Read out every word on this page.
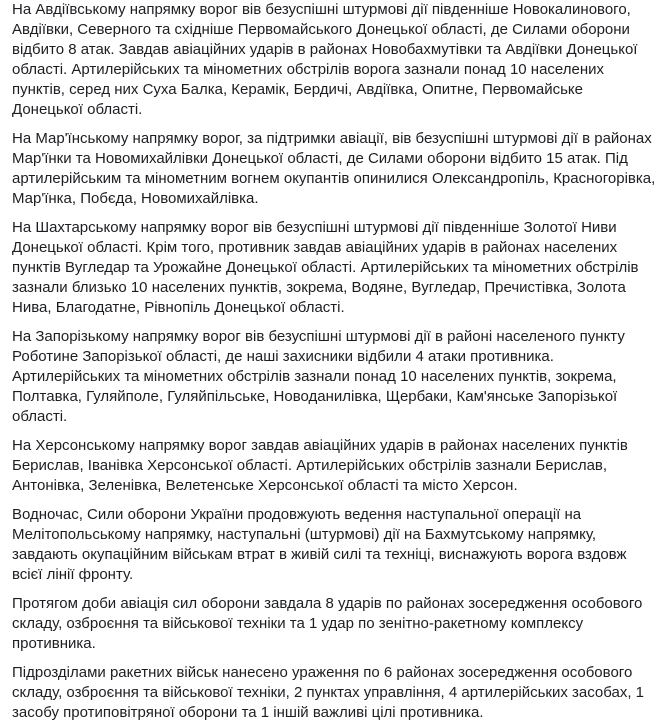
На Авдіївському напрямку ворог вів безуспішні штурмові дії південніше Новокалинового, Авдіївки, Северного та східніше Первомайського Донецької області, де Силами оборони відбито 8 атак. Завдав авіаційних ударів в районах Новобахмутівки та Авдіївки Донецької області. Артилерійських та мінометних обстрілів ворога зазнали понад 10 населених пунктів, серед них Суха Балка, Керамік, Бердичі, Авдіївка, Опитне, Первомайське Донецької області.

На Мар'їнському напрямку ворог, за підтримки авіації, вів безуспішні штурмові дії в районах Мар'їнки та Новомихайлівки Донецької області, де Силами оборони відбито 15 атак. Під артилерійським та мінометним вогнем окупантів опинилися Олександропіль, Красногорівка, Мар'їнка, Побєда, Новомихайлівка.

На Шахтарському напрямку ворог вів безуспішні штурмові дії південніше Золотої Ниви Донецької області. Крім того, противник завдав авіаційних ударів в районах населених пунктів Вугледар та Урожайне Донецької області. Артилерійських та мінометних обстрілів зазнали близько 10 населених пунктів, зокрема, Водяне, Вугледар, Пречистівка, Золота Нива, Благодатне, Рівнопіль Донецької області.

На Запорізькому напрямку ворог вів безуспішні штурмові дії в районі населеного пункту Роботине Запорізької області, де наші захисники відбили 4 атаки противника. Артилерійських та мінометних обстрілів зазнали понад 10 населених пунктів, зокрема, Полтавка, Гуляйполе, Гуляйпільське, Новоданилівка, Щербаки, Кам'янське Запорізької області.

На Херсонському напрямку ворог завдав авіаційних ударів в районах населених пунктів Берислав, Іванівка Херсонської області. Артилерійських обстрілів зазнали Берислав, Антонівка, Зеленівка, Велетенське Херсонської області та місто Херсон.

Водночас, Сили оборони України продовжують ведення наступальної операції на Мелітопольському напрямку, наступальні (штурмові) дії на Бахмутському напрямку, завдають окупаційним військам втрат в живій силі та техніці, виснажують ворога вздовж всієї лінії фронту.

Протягом доби авіація сил оборони завдала 8 ударів по районах зосередження особового складу, озброєння та військової техніки та 1 удар по зенітно-ракетному комплексу противника.

Підрозділами ракетних військ нанесено ураження по 6 районах зосередження особового складу, озброєння та військової техніки, 2 пунктах управління, 4 артилерійських засобах, 1 засобу протиповітряної оборони та 1 іншій важливі цілі противника.
